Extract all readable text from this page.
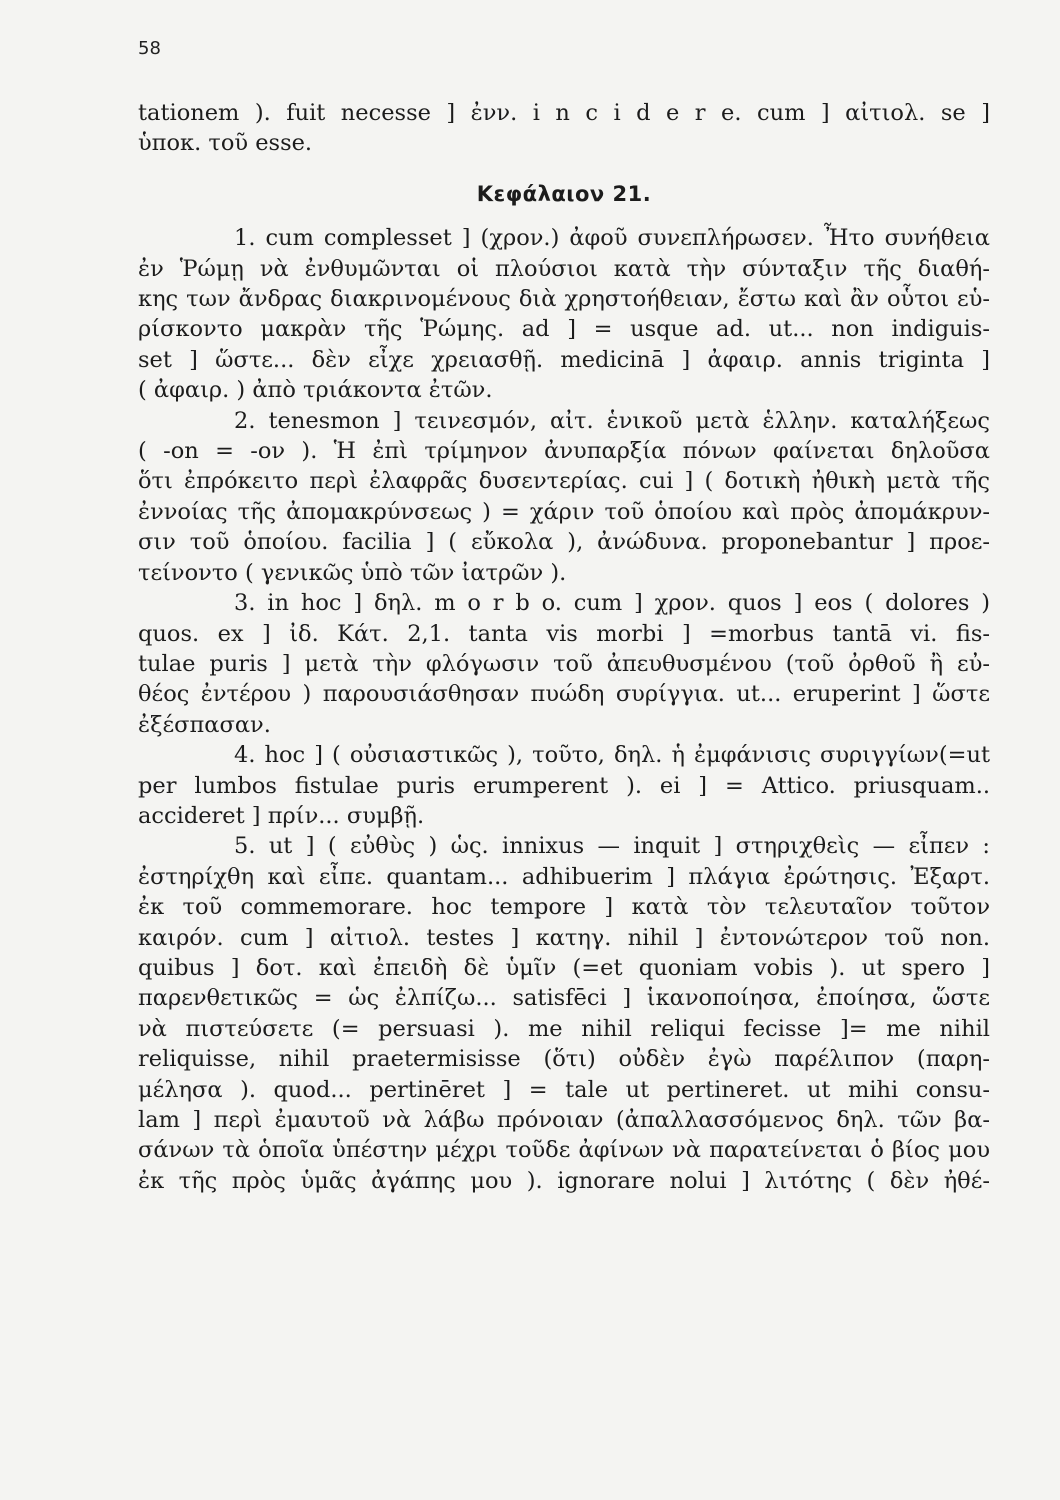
58
tationem ). fuit necesse ] ἐνν. i n c i d e r e. cum ] αἰτιολ. se ]
ὑποκ. τοῦ esse.
Κεφάλαιον 21.
1. cum complesset ] (χρον.) ἀφοῦ συνεπλήρωσεν. Ἦτο συνήθεια
ἐν Ῥώμῃ νὰ ἐνθυμῶνται οἱ πλούσιοι κατὰ τὴν σύνταξιν τῆς διαθή-
κης των ἄνδρας διακρινομένους διὰ χρηστοήθειαν, ἔστω καὶ ἂν οὗτοι εὑ-
ρίσκοντο μακρὰν τῆς Ῥώμης. ad ] = usque ad. ut... non indiguis-
set ] ὥστε... δὲν εἶχε χρειασθῇ. medicinā ] ἀφαιρ. annis triginta ]
( ἀφαιρ. ) ἀπὸ τριάκοντα ἐτῶν.
2. tenesmon ] τεινεσμόν, αἰτ. ἑνικοῦ μετὰ ἑλλην. καταλήξεως
( -on = -ον ). Ἡ ἐπὶ τρίμηνον ἀνυπαρξία πόνων φαίνεται δηλοῦσα
ὅτι ἐπρόκειτο περὶ ἐλαφρᾶς δυσεντερίας. cui ] ( δοτικὴ ἠθικὴ μετὰ τῆς
ἐννοίας τῆς ἀπομακρύνσεως ) = χάριν τοῦ ὁποίου καὶ πρὸς ἀπομάκρυν-
σιν τοῦ ὁποίου. facilia ] ( εὔκολα ), ἀνώδυνα. proponebantur ] προε-
τείνοντο ( γενικῶς ὑπὸ τῶν ἰατρῶν ).
3. in hoc ] δηλ. m o r b o. cum ] χρον. quos ] eos ( dolores )
quos. ex ] ἰδ. Κάτ. 2,1. tanta vis morbi ] =morbus tantā vi. fis-
tulae puris ] μετὰ τὴν φλόγωσιν τοῦ ἀπευθυσμένου (τοῦ ὀρθοῦ ἢ εὐ-
θέος ἐντέρου ) παρουσιάσθησαν πυώδη συρίγγια. ut... eruperint ] ὥστε
ἐξέσπασαν.
4. hoc ] ( οὐσιαστικῶς ), τοῦτο, δηλ. ἡ ἐμφάνισις συριγγίων(=ut
per lumbos fistulae puris erumperent ). ei ] = Attico. priusquam..
accideret ] πρίν... συμβῇ.
5. ut ] ( εὐθὺς ) ὡς. innixus — inquit ] στηριχθεὶς — εἶπεν :
ἐστηρίχθη καὶ εἶπε. quantam... adhibuerim ] πλάγια ἐρώτησις. Ἐξαρτ.
ἐκ τοῦ commemorare. hoc tempore ] κατὰ τὸν τελευταῖον τοῦτον
καιρόν. cum ] αἰτιολ. testes ] κατηγ. nihil ] ἐντονώτερον τοῦ non.
quibus ] δοτ. καὶ ἐπειδὴ δὲ ὑμῖν (=et quoniam vobis ). ut spero ]
παρενθετικῶς = ὡς ἐλπίζω... satisfēci ] ἱκανοποίησα, ἐποίησα, ὥστε
νὰ πιστεύσετε (= persuasi ). me nihil reliqui fecisse ]= me nihil
reliquisse, nihil praetermisisse (ὅτι) οὐδὲν ἐγὼ παρέλιπον (παρη-
μέλησα ). quod... pertinēret ] = tale ut pertineret. ut mihi consu-
lam ] περὶ ἐμαυτοῦ νὰ λάβω πρόνοιαν (ἀπαλλασσόμενος δηλ. τῶν βα-
σάνων τὰ ὁποῖα ὑπέστην μέχρι τοῦδε ἀφίνων νὰ παρατείνεται ὁ βίος μου
ἐκ τῆς πρὸς ὑμᾶς ἀγάπης μου ). ignorare nolui ] λιτότης ( δὲν ἠθέ-
